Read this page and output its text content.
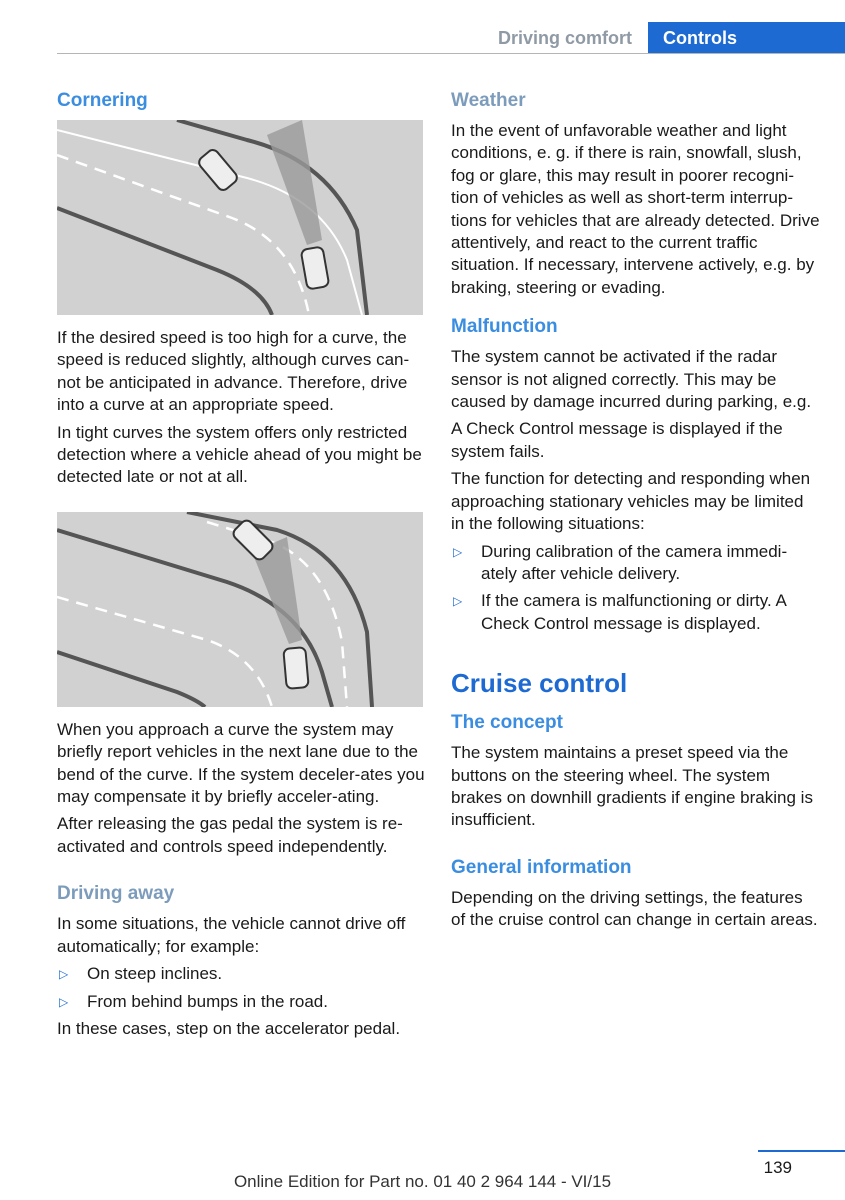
Driving comfort	Controls
Cornering

If the desired speed is too high for a curve, the speed is reduced slightly, although curves can-not be anticipated in advance. Therefore, drive into a curve at an appropriate speed.

In tight curves the system offers only restricted detection where a vehicle ahead of you might be detected late or not at all.

When you approach a curve the system may briefly report vehicles in the next lane due to the bend of the curve. If the system deceler-ates you may compensate it by briefly acceler-ating.

After releasing the gas pedal the system is re-activated and controls speed independently.

Driving away

In some situations, the vehicle cannot drive off automatically; for example:

▷ On steep inclines.
▷ From behind bumps in the road.

In these cases, step on the accelerator pedal.

Weather

In the event of unfavorable weather and light conditions, e. g. if there is rain, snowfall, slush, fog or glare, this may result in poorer recogni-tion of vehicles as well as short-term interrup-tions for vehicles that are already detected. Drive attentively, and react to the current traffic situation. If necessary, intervene actively, e.g. by braking, steering or evading.

Malfunction

The system cannot be activated if the radar sensor is not aligned correctly. This may be caused by damage incurred during parking, e.g.

A Check Control message is displayed if the system fails.

The function for detecting and responding when approaching stationary vehicles may be limited in the following situations:

▷ During calibration of the camera immedi-ately after vehicle delivery.
▷ If the camera is malfunctioning or dirty. A Check Control message is displayed.
Cruise control
The concept

The system maintains a preset speed via the buttons on the steering wheel. The system brakes on downhill gradients if engine braking is insufficient.

General information

Depending on the driving settings, the features of the cruise control can change in certain areas.

139
Online Edition for Part no. 01 40 2 964 144 - VI/15
